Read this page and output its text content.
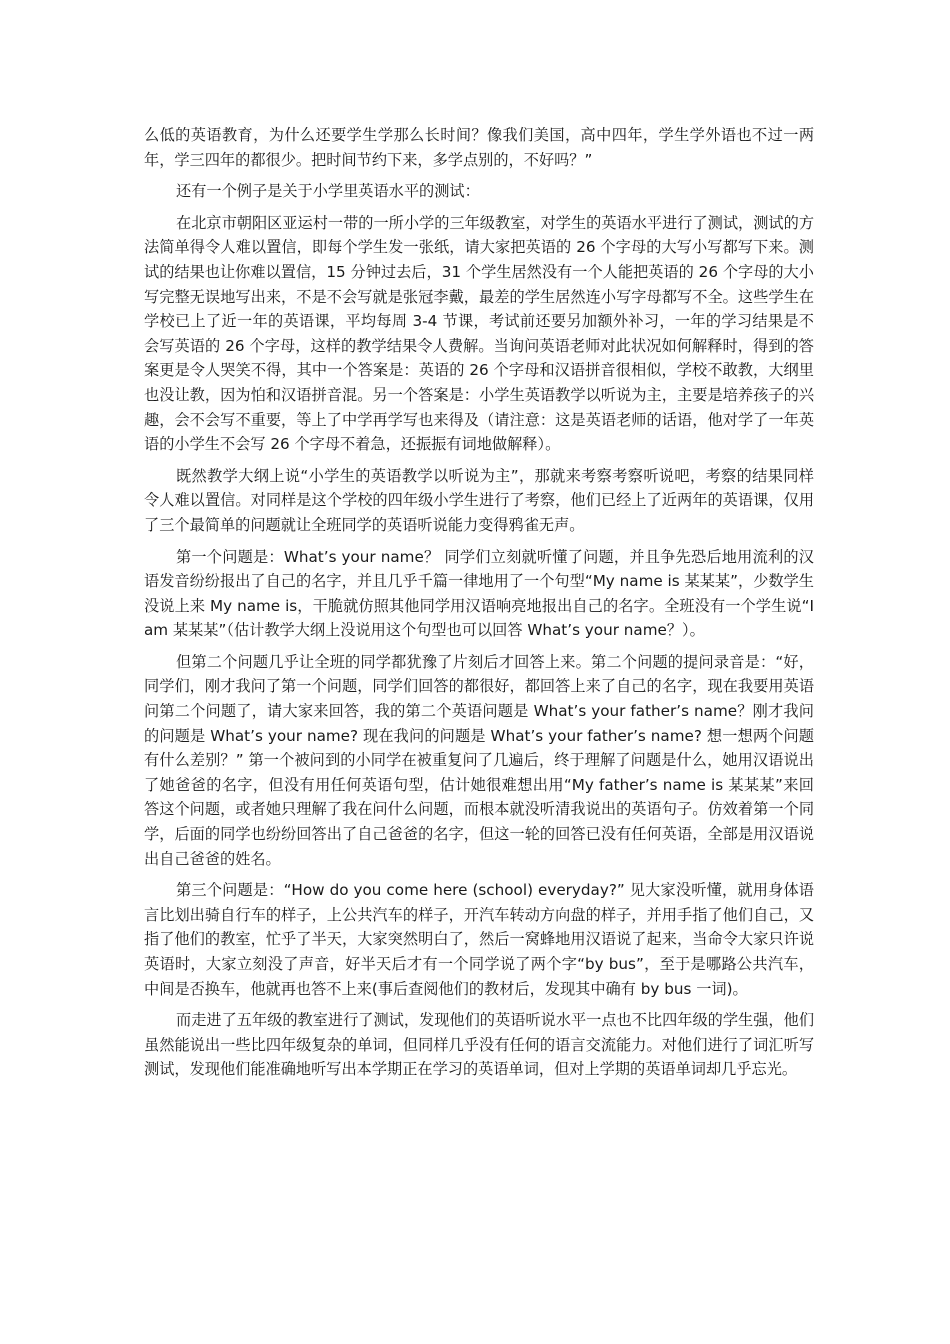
么低的英语教育，为什么还要学生学那么长时间？像我们美国，高中四年，学生学外语也不过一两年，学三四年的都很少。把时间节约下来，多学点别的，不好吗？”

还有一个例子是关于小学里英语水平的测试：

在北京市朝阳区亚运村一带的一所小学的三年级教室，对学生的英语水平进行了测试，测试的方法简单得令人难以置信，即每个学生发一张纸，请大家把英语的 26 个字母的大写小写都写下来。测试的结果也让你难以置信，15 分钟过去后，31 个学生居然没有一个人能把英语的 26 个字母的大小写完整无误地写出来，不是不会写就是张冠李戴，最差的学生居然连小写字母都写不全。这些学生在学校已上了近一年的英语课，平均每周 3-4 节课，考试前还要另加额外补习，一年的学习结果是不会写英语的 26 个字母，这样的教学结果令人费解。当询问英语老师对此状况如何解释时，得到的答案更是令人哭笑不得，其中一个答案是：英语的 26 个字母和汉语拼音很相似，学校不敢教，大纲里也没让教，因为怕和汉语拼音混。另一个答案是：小学生英语教学以听说为主，主要是培养孩子的兴趣，会不会写不重要，等上了中学再学写也来得及（请注意：这是英语老师的话语，他对学了一年英语的小学生不会写 26 个字母不着急，还振振有词地做解释）。

既然教学大纲上说“小学生的英语教学以听说为主”，那就来考察考察听说吧，考察的结果同样令人难以置信。对同样是这个学校的四年级小学生进行了考察，他们已经上了近两年的英语课，仅用了三个最简单的问题就让全班同学的英语听说能力变得鸦雀无声。

第一个问题是：What’s your name？ 同学们立刻就听懂了问题，并且争先恐后地用流利的汉语发音纷纷报出了自己的名字，并且几乎千篇一律地用了一个句型“My name is 某某某”，少数学生没说上来 My name is，干脆就仿照其他同学用汉语响亮地报出自己的名字。全班没有一个学生说“I am 某某某”（估计教学大纲上没说用这个句型也可以回答 What’s your name？）。

但第二个问题几乎让全班的同学都犹豫了片刻后才回答上来。第二个问题的提问录音是：“好，同学们，刚才我问了第一个问题，同学们回答的都很好，都回答上来了自己的名字，现在我要用英语问第二个问题了，请大家来回答，我的第二个英语问题是 What’s your father’s name？刚才我问的问题是 What’s your name? 现在我问的问题是 What’s your father’s name? 想一想两个问题有什么差别？” 第一个被问到的小同学在被重复问了几遍后，终于理解了问题是什么，她用汉语说出了她爸爸的名字，但没有用任何英语句型，估计她很难想出用“My father’s name is 某某某”来回答这个问题，或者她只理解了我在问什么问题，而根本就没听清我说出的英语句子。仿效着第一个同学，后面的同学也纷纷回答出了自己爸爸的名字，但这一轮的回答已没有任何英语，全部是用汉语说出自己爸爸的姓名。

第三个问题是：“How do you come here (school) everyday?” 见大家没听懂，就用身体语言比划出骑自行车的样子，上公共汽车的样子，开汽车转动方向盘的样子，并用手指了他们自己，又指了他们的教室，忙乎了半天，大家突然明白了，然后一窝蜂地用汉语说了起来，当命令大家只许说英语时，大家立刻没了声音，好半天后才有一个同学说了两个字“by bus”，至于是哪路公共汽车，中间是否换车，他就再也答不上来(事后查阅他们的教材后，发现其中确有 by bus 一词)。

而走进了五年级的教室进行了测试，发现他们的英语听说水平一点也不比四年级的学生强，他们虽然能说出一些比四年级复杂的单词，但同样几乎没有任何的语言交流能力。对他们进行了词汇听写测试，发现他们能准确地听写出本学期正在学习的英语单词，但对上学期的英语单词却几乎忘光。
